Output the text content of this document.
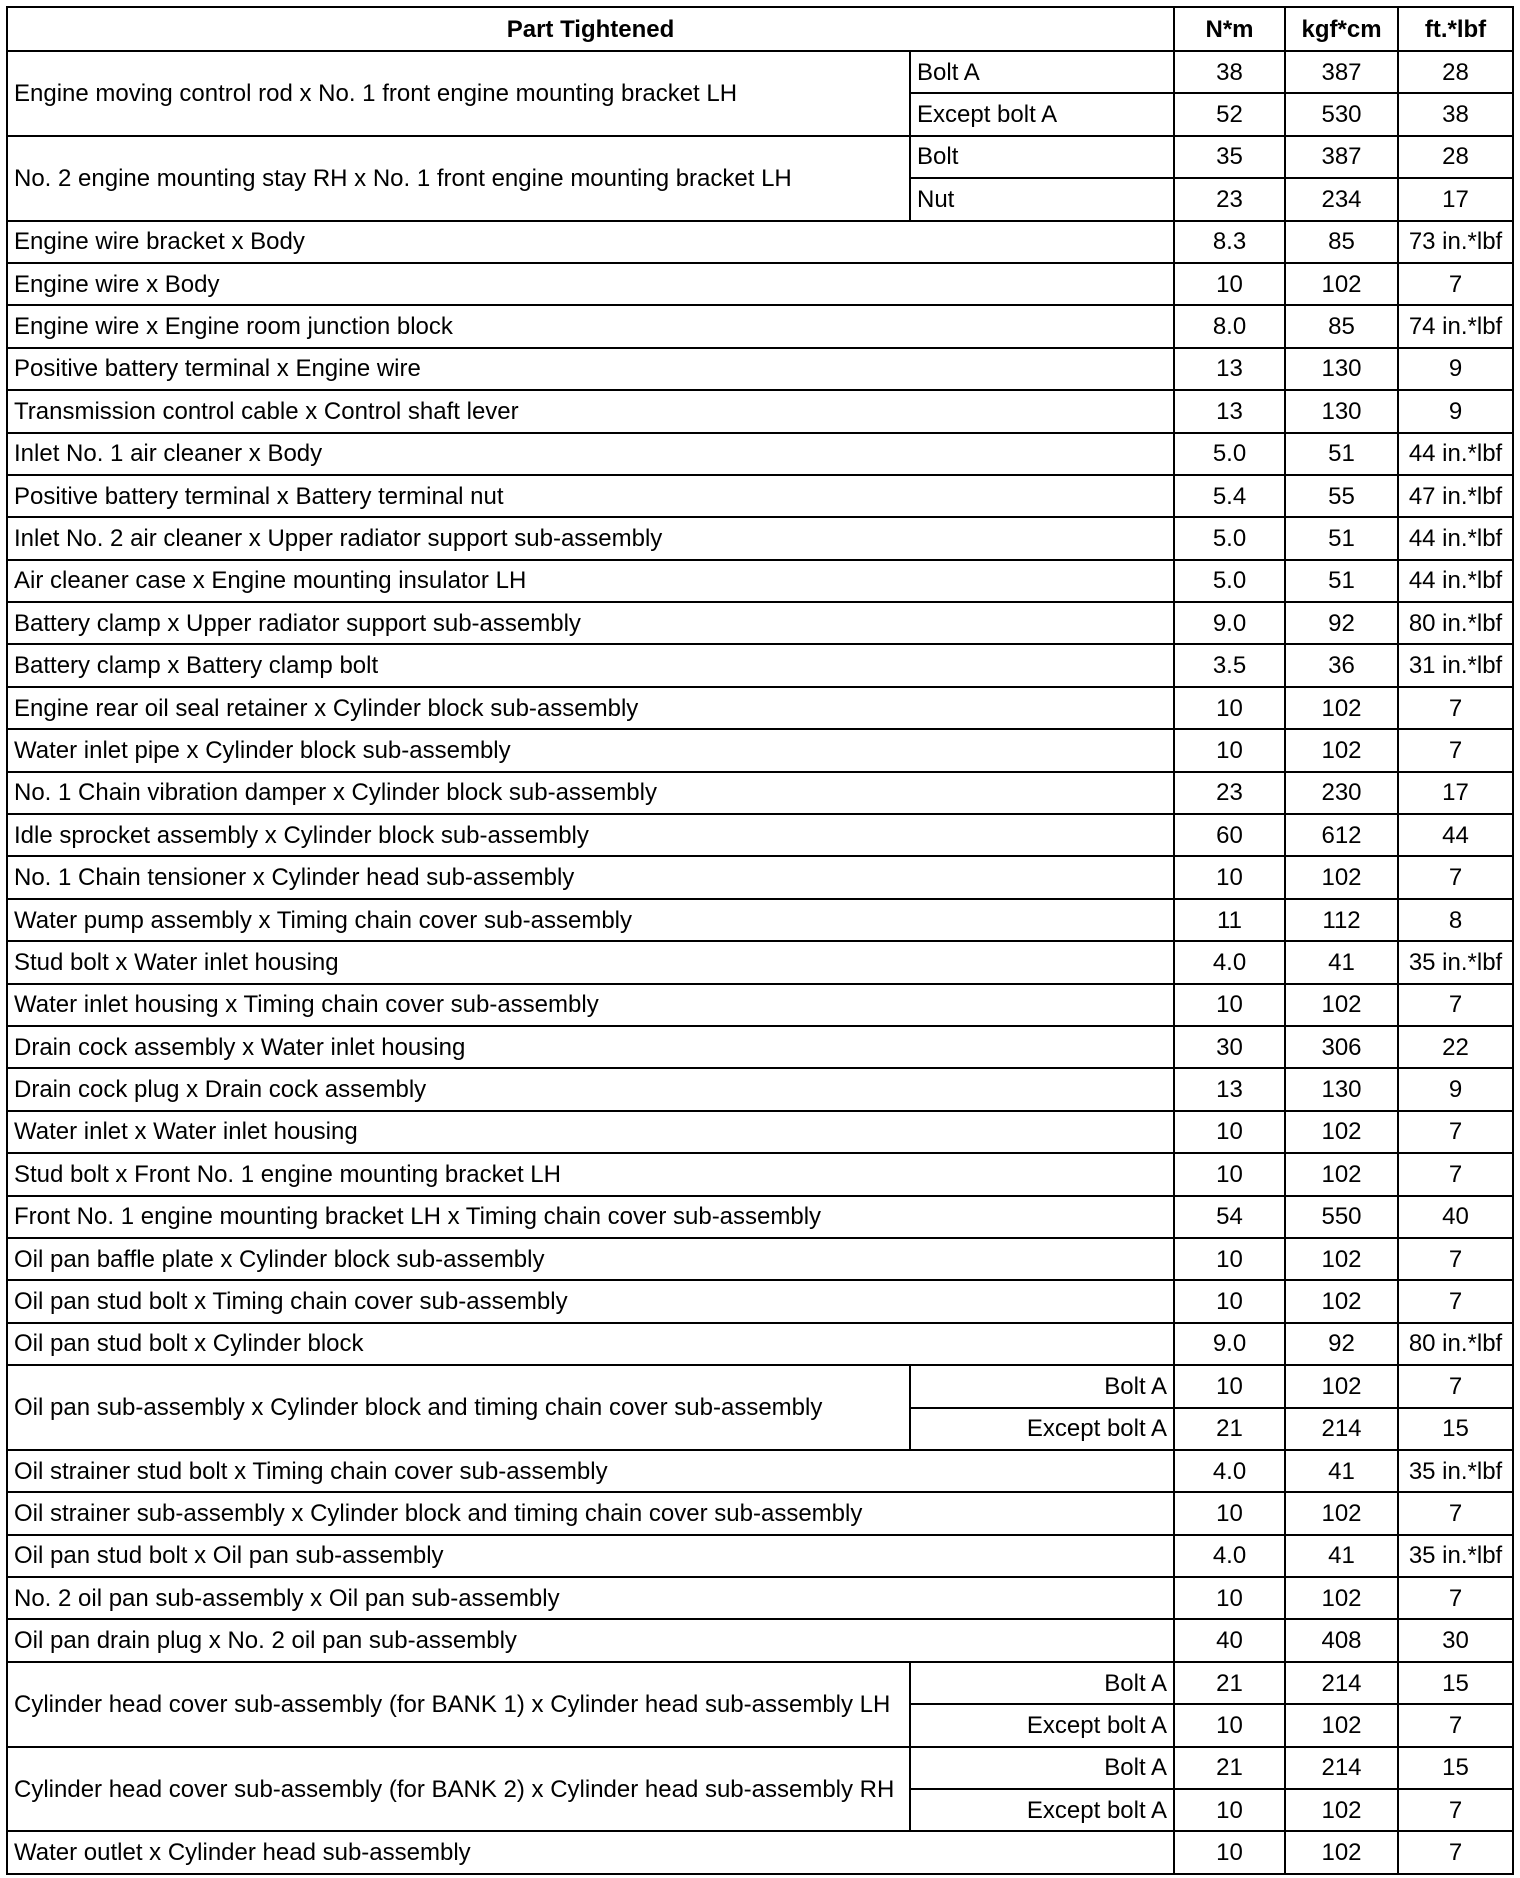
Part Tightened		N*m	kgf*cm	ft.*lbf
Engine moving control rod x No. 1 front engine mounting bracket LH	Bolt A	38	387	28
	Except bolt A	52	530	38
No. 2 engine mounting stay RH x No. 1 front engine mounting bracket LH	Bolt	35	387	28
	Nut	23	234	17
Engine wire bracket x Body		8.3	85	73 in.*lbf
Engine wire x Body		10	102	7
Engine wire x Engine room junction block		8.0	85	74 in.*lbf
Positive battery terminal x Engine wire		13	130	9
Transmission control cable x Control shaft lever		13	130	9
Inlet No. 1 air cleaner x Body		5.0	51	44 in.*lbf
Positive battery terminal x Battery terminal nut		5.4	55	47 in.*lbf
Inlet No. 2 air cleaner x Upper radiator support sub-assembly		5.0	51	44 in.*lbf
Air cleaner case x Engine mounting insulator LH		5.0	51	44 in.*lbf
Battery clamp x Upper radiator support sub-assembly		9.0	92	80 in.*lbf
Battery clamp x Battery clamp bolt		3.5	36	31 in.*lbf
Engine rear oil seal retainer x Cylinder block sub-assembly		10	102	7
Water inlet pipe x Cylinder block sub-assembly		10	102	7
No. 1 Chain vibration damper x Cylinder block sub-assembly		23	230	17
Idle sprocket assembly x Cylinder block sub-assembly		60	612	44
No. 1 Chain tensioner x Cylinder head sub-assembly		10	102	7
Water pump assembly x Timing chain cover sub-assembly		11	112	8
Stud bolt x Water inlet housing		4.0	41	35 in.*lbf
Water inlet housing x Timing chain cover sub-assembly		10	102	7
Drain cock assembly x Water inlet housing		30	306	22
Drain cock plug x Drain cock assembly		13	130	9
Water inlet x Water inlet housing		10	102	7
Stud bolt x Front No. 1 engine mounting bracket LH		10	102	7
Front No. 1 engine mounting bracket LH x Timing chain cover sub-assembly		54	550	40
Oil pan baffle plate x Cylinder block sub-assembly		10	102	7
Oil pan stud bolt x Timing chain cover sub-assembly		10	102	7
Oil pan stud bolt x Cylinder block		9.0	92	80 in.*lbf
Oil pan sub-assembly x Cylinder block and timing chain cover sub-assembly	Bolt A	10	102	7
	Except bolt A	21	214	15
Oil strainer stud bolt x Timing chain cover sub-assembly		4.0	41	35 in.*lbf
Oil strainer sub-assembly x Cylinder block and timing chain cover sub-assembly		10	102	7
Oil pan stud bolt x Oil pan sub-assembly		4.0	41	35 in.*lbf
No. 2 oil pan sub-assembly x Oil pan sub-assembly		10	102	7
Oil pan drain plug x No. 2 oil pan sub-assembly		40	408	30
Cylinder head cover sub-assembly (for BANK 1) x Cylinder head sub-assembly LH	Bolt A	21	214	15
	Except bolt A	10	102	7
Cylinder head cover sub-assembly (for BANK 2) x Cylinder head sub-assembly RH	Bolt A	21	214	15
	Except bolt A	10	102	7
Water outlet x Cylinder head sub-assembly		10	102	7
